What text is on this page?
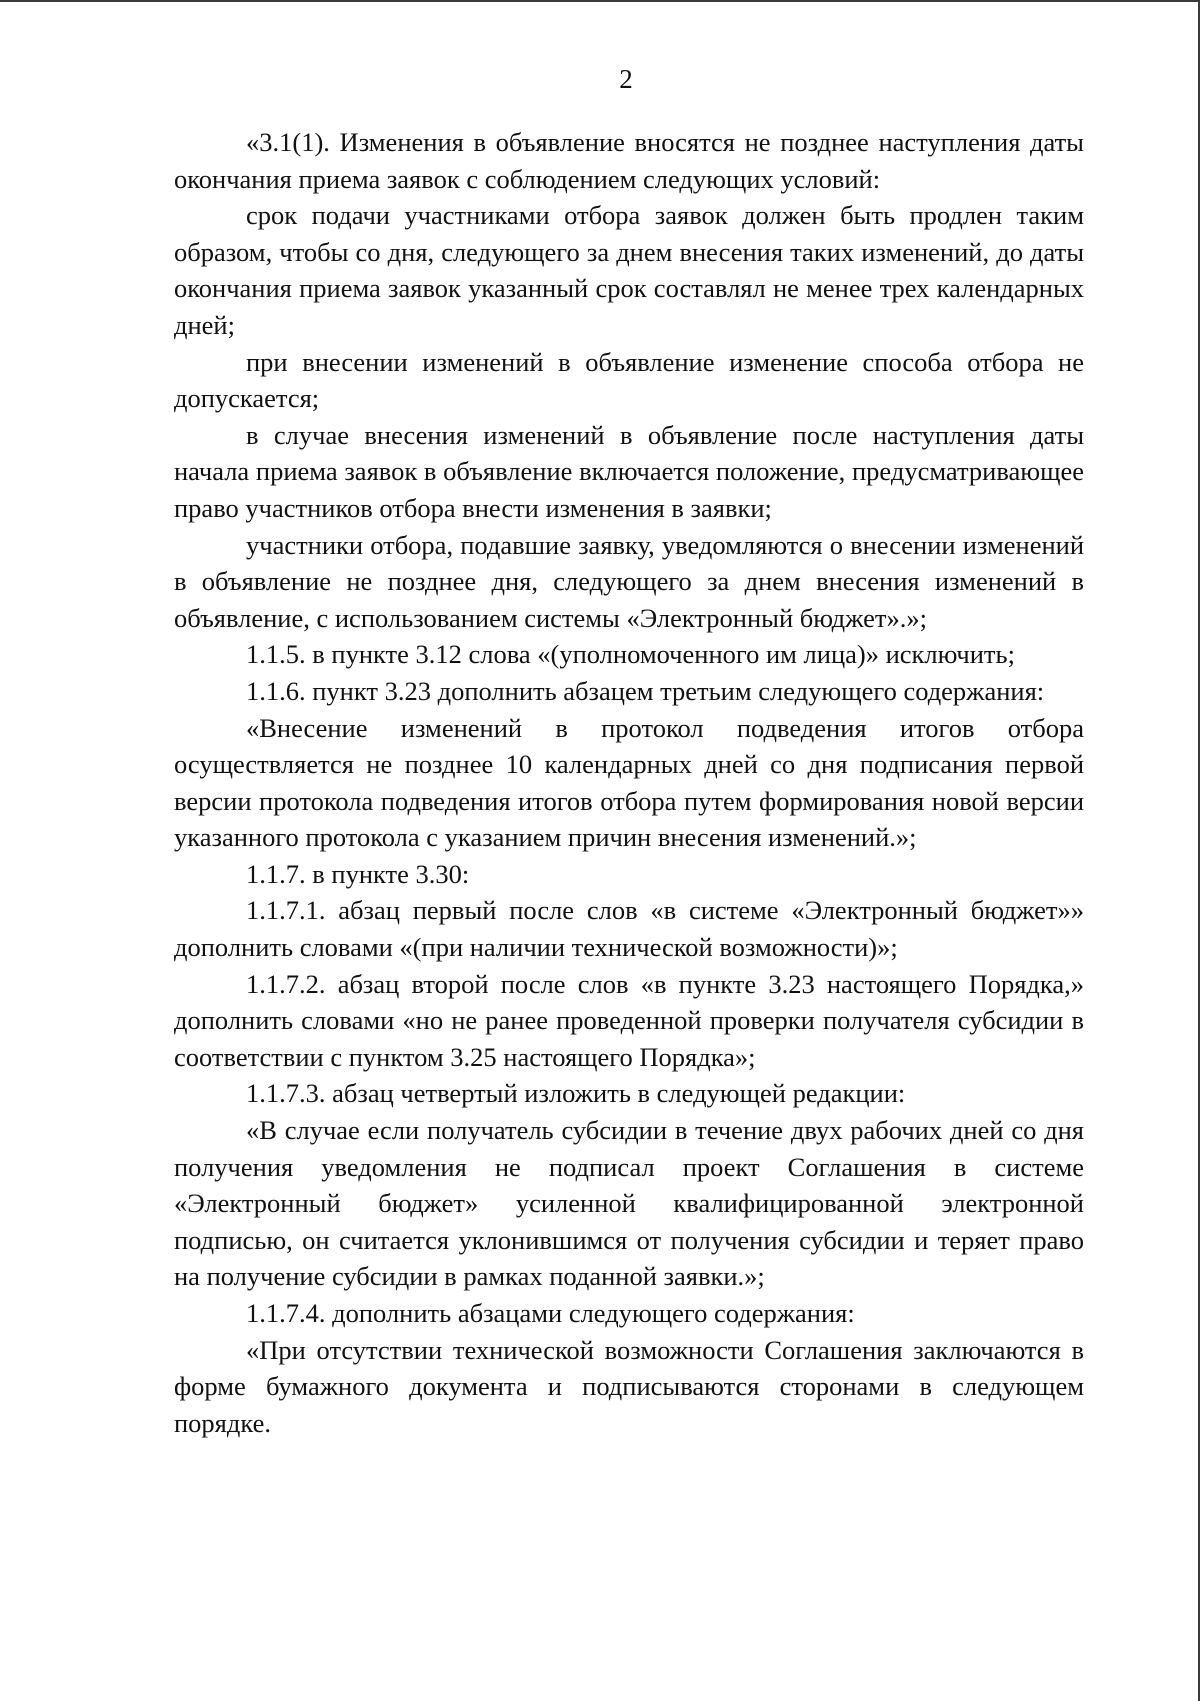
2

«3.1(1). Изменения в объявление вносятся не позднее наступления даты окончания приема заявок с соблюдением следующих условий:

срок подачи участниками отбора заявок должен быть продлен таким образом, чтобы со дня, следующего за днем внесения таких изменений, до даты окончания приема заявок указанный срок составлял не менее трех календарных дней;

при внесении изменений в объявление изменение способа отбора не допускается;

в случае внесения изменений в объявление после наступления даты начала приема заявок в объявление включается положение, предусматривающее право участников отбора внести изменения в заявки;

участники отбора, подавшие заявку, уведомляются о внесении изменений в объявление не позднее дня, следующего за днем внесения изменений в объявление, с использованием системы «Электронный бюджет».»;

1.1.5. в пункте 3.12 слова «(уполномоченного им лица)» исключить;

1.1.6. пункт 3.23 дополнить абзацем третьим следующего содержания:

«Внесение изменений в протокол подведения итогов отбора осуществляется не позднее 10 календарных дней со дня подписания первой версии протокола подведения итогов отбора путем формирования новой версии указанного протокола с указанием причин внесения изменений.»;

1.1.7. в пункте 3.30:

1.1.7.1. абзац первый после слов «в системе «Электронный бюджет»» дополнить словами «(при наличии технической возможности)»;

1.1.7.2. абзац второй после слов «в пункте 3.23 настоящего Порядка,» дополнить словами «но не ранее проведенной проверки получателя субсидии в соответствии с пунктом 3.25 настоящего Порядка»;

1.1.7.3. абзац четвертый изложить в следующей редакции:

«В случае если получатель субсидии в течение двух рабочих дней со дня получения уведомления не подписал проект Соглашения в системе «Электронный бюджет» усиленной квалифицированной электронной подписью, он считается уклонившимся от получения субсидии и теряет право на получение субсидии в рамках поданной заявки.»;

1.1.7.4. дополнить абзацами следующего содержания:

«При отсутствии технической возможности Соглашения заключаются в форме бумажного документа и подписываются сторонами в следующем порядке.
